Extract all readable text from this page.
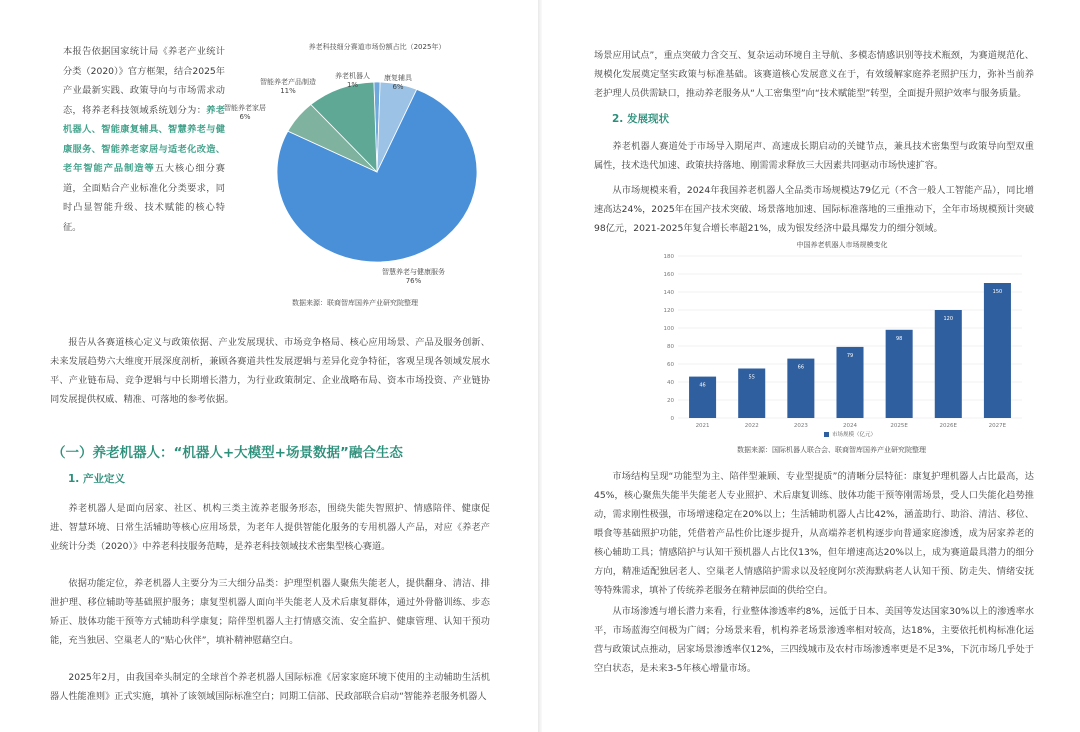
本报告依据国家统计局《养老产业统计分类（2020）》官方框架，结合2025年产业最新实践、政策导向与市场需求动态，将养老科技领域系统划分为：养老机器人、智能康复辅具、智慧养老与健康服务、智能养老家居与适老化改造、老年智能产品制造等五大核心细分赛道，全面贴合产业标准化分类要求，同时凸显智能升级、技术赋能的核心特征。

养老科技细分赛道市场份额占比（2025年）
养老机器人
1%
康复辅具
6%
智能养老产品制造
11%
智能养老家居
6%
智慧养老与健康服务
76%
数据来源：联商智库国养产业研究院整理

报告从各赛道核心定义与政策依据、产业发展现状、市场竞争格局、核心应用场景、产品及服务创新、未来发展趋势六大维度开展深度剖析，兼顾各赛道共性发展逻辑与差异化竞争特征，客观呈现各领域发展水平、产业链布局、竞争逻辑与中长期增长潜力，为行业政策制定、企业战略布局、资本市场投资、产业链协同发展提供权威、精准、可落地的参考依据。

（一）养老机器人：“机器人+大模型+场景数据”融合生态
1. 产业定义

养老机器人是面向居家、社区、机构三类主流养老服务形态，围绕失能失智照护、情感陪伴、健康促进、智慧环境、日常生活辅助等核心应用场景，为老年人提供智能化服务的专用机器人产品，对应《养老产业统计分类（2020）》中养老科技服务范畴，是养老科技领域技术密集型核心赛道。

依据功能定位，养老机器人主要分为三大细分品类：护理型机器人聚焦失能老人，提供翻身、清洁、排泄护理、移位辅助等基础照护服务；康复型机器人面向半失能老人及术后康复群体，通过外骨骼训练、步态矫正、肢体功能干预等方式辅助科学康复；陪伴型机器人主打情感交流、安全监护、健康管理、认知干预功能，充当独居、空巢老人的“贴心伙伴”，填补精神慰藉空白。

2025年2月，由我国牵头制定的全球首个养老机器人国际标准《居家家庭环境下使用的主动辅助生活机器人性能准则》正式实施，填补了该领域国际标准空白；同期工信部、民政部联合启动“智能养老服务机器人

场景应用试点”，重点突破力含交互、复杂运动环境自主导航、多模态情感识别等技术瓶颈，为赛道规范化、规模化发展奠定坚实政策与标准基础。该赛道核心发展意义在于，有效缓解家庭养老照护压力，弥补当前养老护理人员供需缺口，推动养老服务从“人工密集型”向“技术赋能型”转型，全面提升照护效率与服务质量。

2. 发展现状

养老机器人赛道处于市场导入期尾声、高速成长期启动的关键节点，兼具技术密集型与政策导向型双重属性，技术迭代加速、政策扶持落地、刚需需求释放三大因素共同驱动市场快速扩容。

从市场规模来看，2024年我国养老机器人全品类市场规模达79亿元（不含一般人工智能产品），同比增速高达24%，2025年在国产技术突破、场景落地加速、国际标准落地的三重推动下，全年市场规模预计突破98亿元，2021-2025年复合增长率超21%，成为银发经济中最具爆发力的细分领域。

中国养老机器人市场规模变化
0
20
40
60
80
100
120
140
160
180
46
2021
55
2022
66
2023
79
2024
98
2025E
120
2026E
150
2027E
市场规模（亿元）
数据来源：国际机器人联合会、联商智库国养产业研究院整理

市场结构呈现“功能型为主、陪伴型兼顾、专业型提质”的清晰分层特征：康复护理机器人占比最高，达45%，核心聚焦失能半失能老人专业照护、术后康复训练、肢体功能干预等刚需场景，受人口失能化趋势推动，需求刚性极强，市场增速稳定在20%以上；生活辅助机器人占比42%，涵盖助行、助浴、清洁、移位、喂食等基础照护功能，凭借着产品性价比逐步提升，从高端养老机构逐步向普通家庭渗透，成为居家养老的核心辅助工具；情感陪护与认知干预机器人占比仅13%，但年增速高达20%以上，成为赛道最具潜力的细分方向，精准适配独居老人、空巢老人情感陪护需求以及轻度阿尔茨海默病老人认知干预、防走失、情绪安抚等特殊需求，填补了传统养老服务在精神层面的供给空白。

从市场渗透与增长潜力来看，行业整体渗透率约8%，远低于日本、美国等发达国家30%以上的渗透率水平，市场蓝海空间极为广阔；分场景来看，机构养老场景渗透率相对较高，达18%，主要依托机构标准化运营与政策试点推动，居家场景渗透率仅12%，三四线城市及农村市场渗透率更是不足3%，下沉市场几乎处于空白状态，是未来3-5年核心增量市场。
